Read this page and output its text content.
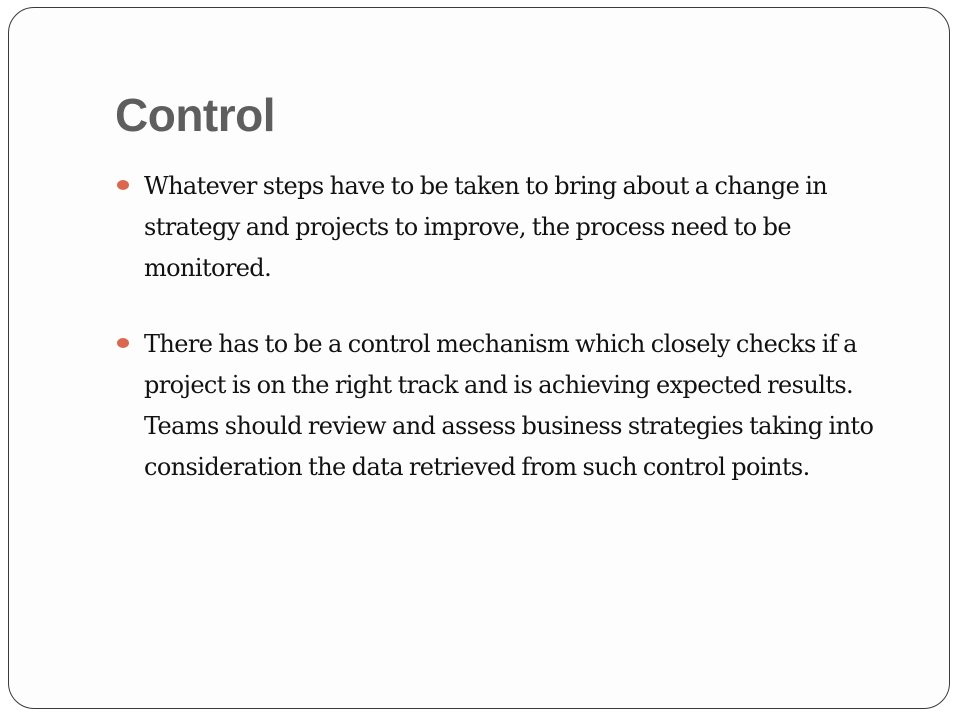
Control
Whatever steps have to be taken to bring about a change in strategy and projects to improve, the process need to be monitored.
There has to be a control mechanism which closely checks if a project is on the right track and is achieving expected results. Teams should review and assess business strategies taking into consideration the data retrieved from such control points.
